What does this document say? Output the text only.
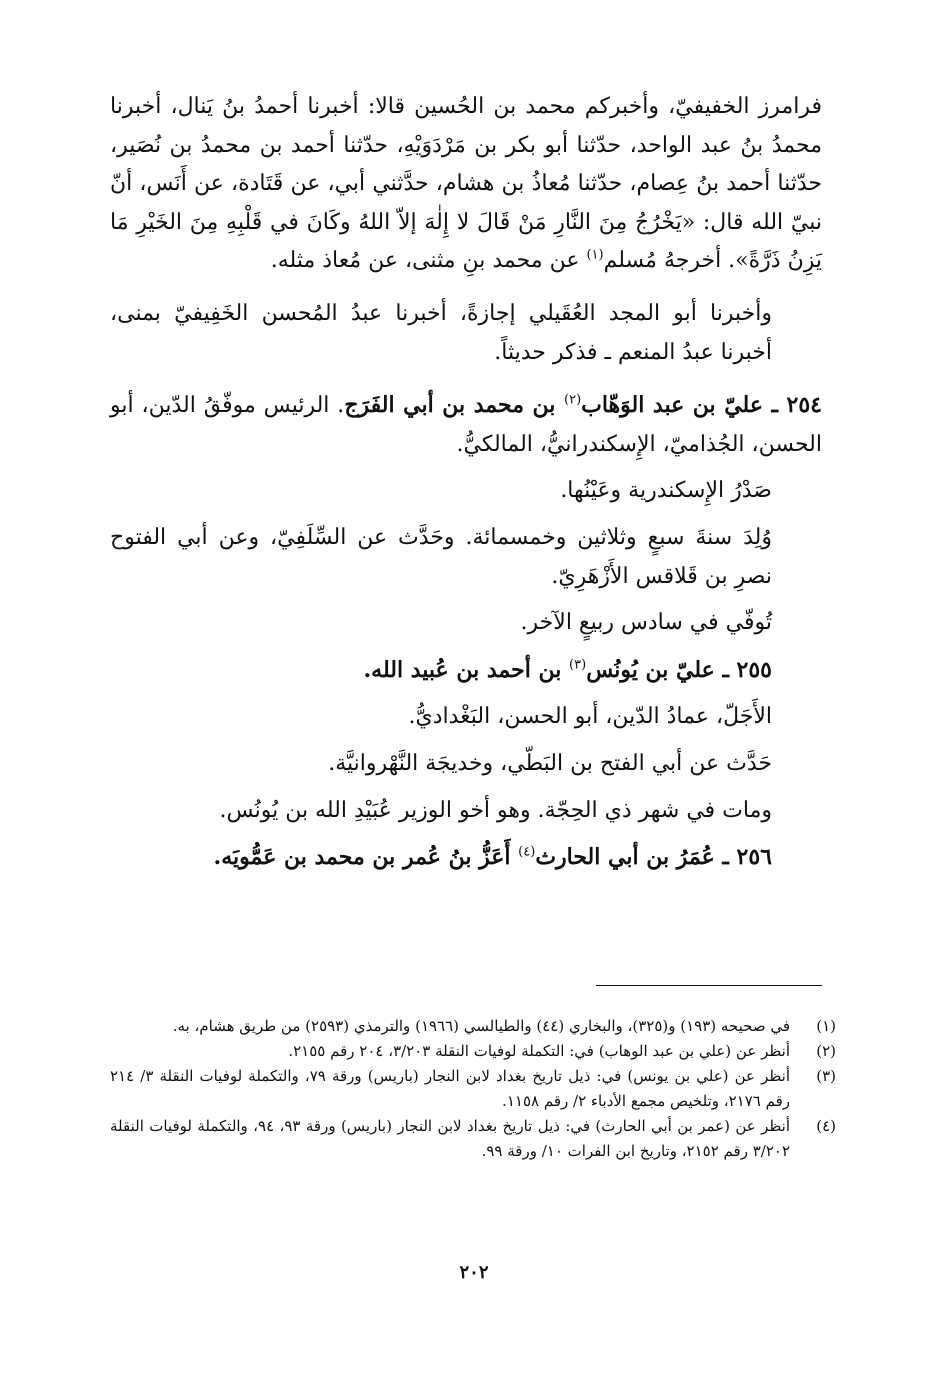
فرامرز الخفيفيّ، وأخبركم محمد بن الحُسين قالا: أخبرنا أحمدُ بنُ يَنال، أخبرنا محمدُ بنُ عبد الواحد، حدّثنا أبو بكر بن مَرْدَوَيْهِ، حدّثنا أحمد بن محمدُ بن نُصَير، حدّثنا أحمد بنُ عِصام، حدّثنا مُعاذُ بن هشام، حدَّثني أبي، عن قَتَادة، عن أَنَس، أنّ نبيّ الله قال: «يَخْرُجُ مِنَ النَّارِ مَنْ قَالَ لا إِلٰهَ إلاّ اللهُ وكَانَ في قَلْبِهِ مِنَ الخَيْرِ مَا يَزِنُ ذَرَّةً». أخرجهُ مُسلم$^{(١)}$ عن محمد بنِ مثنى، عن مُعاذ مثله.

وأخبرنا أبو المجد العُقَيلي إجازةً، أخبرنا عبدُ المُحسن الخَفِيفيّ بمنى، أخبرنا عبدُ المنعم ـ فذكر حديثاً.

٢٥٤ ـ عليّ بن عبد الوَهّاب$^{(٢)}$ بن محمد بن أبي الفَرَج. الرئيس موفّقُ الدّين، أبو الحسن، الجُذاميّ، الإِسكندرانيُّ، المالكيُّ.

صَدْرُ الإِسكندرية وعَيْنُها.

وُلِدَ سنةَ سبعٍ وثلاثين وخمسمائة. وحَدَّث عن السِّلَفِيّ، وعن أبي الفتوح نصرِ بن قَلاقس الأَزْهَرِيّ.

تُوفّي في سادس ربيعٍ الآخر.

٢٥٥ ـ عليّ بن يُونُس$^{(٣)}$ بن أحمد بن عُبيد الله.

الأَجَلّ، عمادُ الدّين، أبو الحسن، البَغْداديُّ.

حَدَّث عن أبي الفتح بن البَطّي، وخديجَة النَّهْروانيَّة.

ومات في شهر ذي الحِجّة. وهو أخو الوزير عُبَيْدِ الله بن يُونُس.

٢٥٦ ـ عُمَرُ بن أبي الحارث$^{(٤)}$ أَعَزُّ بنُ عُمر بن محمد بن عَمُّويَه.

(١)
في صحيحه (١٩٣) و(٣٢٥)، والبخاري (٤٤) والطيالسي (١٩٦٦) والترمذي (٢٥٩٣) من طريق هشام، به.
(٢)
أنظر عن (علي بن عبد الوهاب) في: التكملة لوفيات النقلة ٣/٢٠٣، ٢٠٤ رقم ٢١٥٥.
(٣)
أنظر عن (علي بن يونس) في: ذيل تاريخ بغداد لابن النجار (باريس) ورقة ٧٩، والتكملة لوفيات النقلة ٣/ ٢١٤ رقم ٢١٧٦، وتلخيص مجمع الأدباء ٢/ رقم ١١٥٨.
(٤)
أنظر عن (عمر بن أبي الحارث) في: ذيل تاريخ بغداد لابن النجار (باريس) ورقة ٩٣، ٩٤، والتكملة لوفيات النقلة ٣/٢٠٢ رقم ٢١٥٢، وتاريخ ابن الفرات ١٠/ ورقة ٩٩.
٢٠٢
